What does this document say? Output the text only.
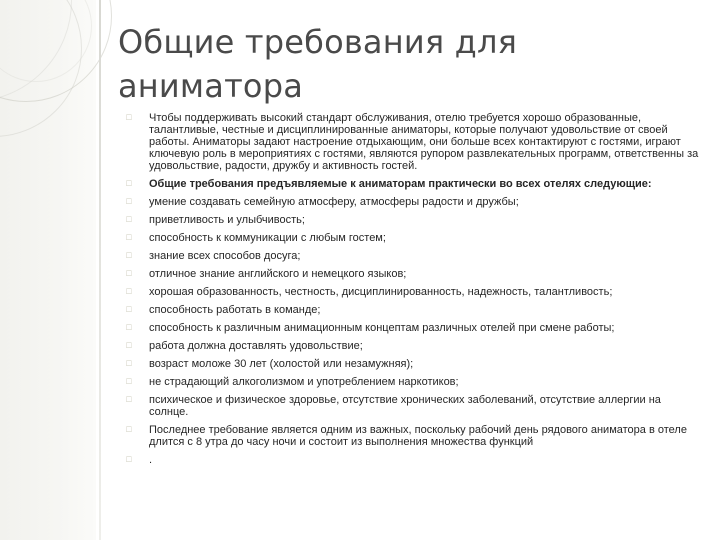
Общие требования для
аниматора
🗆 Чтобы поддерживать высокий стандарт обслуживания, отелю требуется хорошо образованные, талантливые, честные и дисциплинированные аниматоры, которые получают удовольствие от своей работы. Аниматоры задают настроение отдыхающим, они больше всех контактируют с гостями, играют ключевую роль в мероприятиях с гостями, являются рупором развлекательных программ, ответственны за удовольствие, радости, дружбу и активность гостей.
🗆 Общие требования предъявляемые к аниматорам практически во всех отелях следующие:
🗆 умение создавать семейную атмосферу, атмосферы радости и дружбы;
🗆 приветливость и улыбчивость;
🗆 способность к коммуникации с любым гостем;
🗆 знание всех способов досуга;
🗆 отличное знание английского и немецкого языков;
🗆 хорошая образованность, честность, дисциплинированность, надежность, талантливость;
🗆 способность работать в команде;
🗆 способность к различным анимационным концептам различных отелей при смене работы;
🗆 работа должна доставлять удовольствие;
🗆 возраст моложе 30 лет (холостой или незамужняя);
🗆 не страдающий алкоголизмом и употреблением наркотиков;
🗆 психическое и физическое здоровье, отсутствие хронических заболеваний, отсутствие аллергии на солнце.
🗆 Последнее требование является одним из важных, поскольку рабочий день рядового аниматора в отеле длится с 8 утра до часу ночи и состоит из выполнения множества функций
🗆 .
